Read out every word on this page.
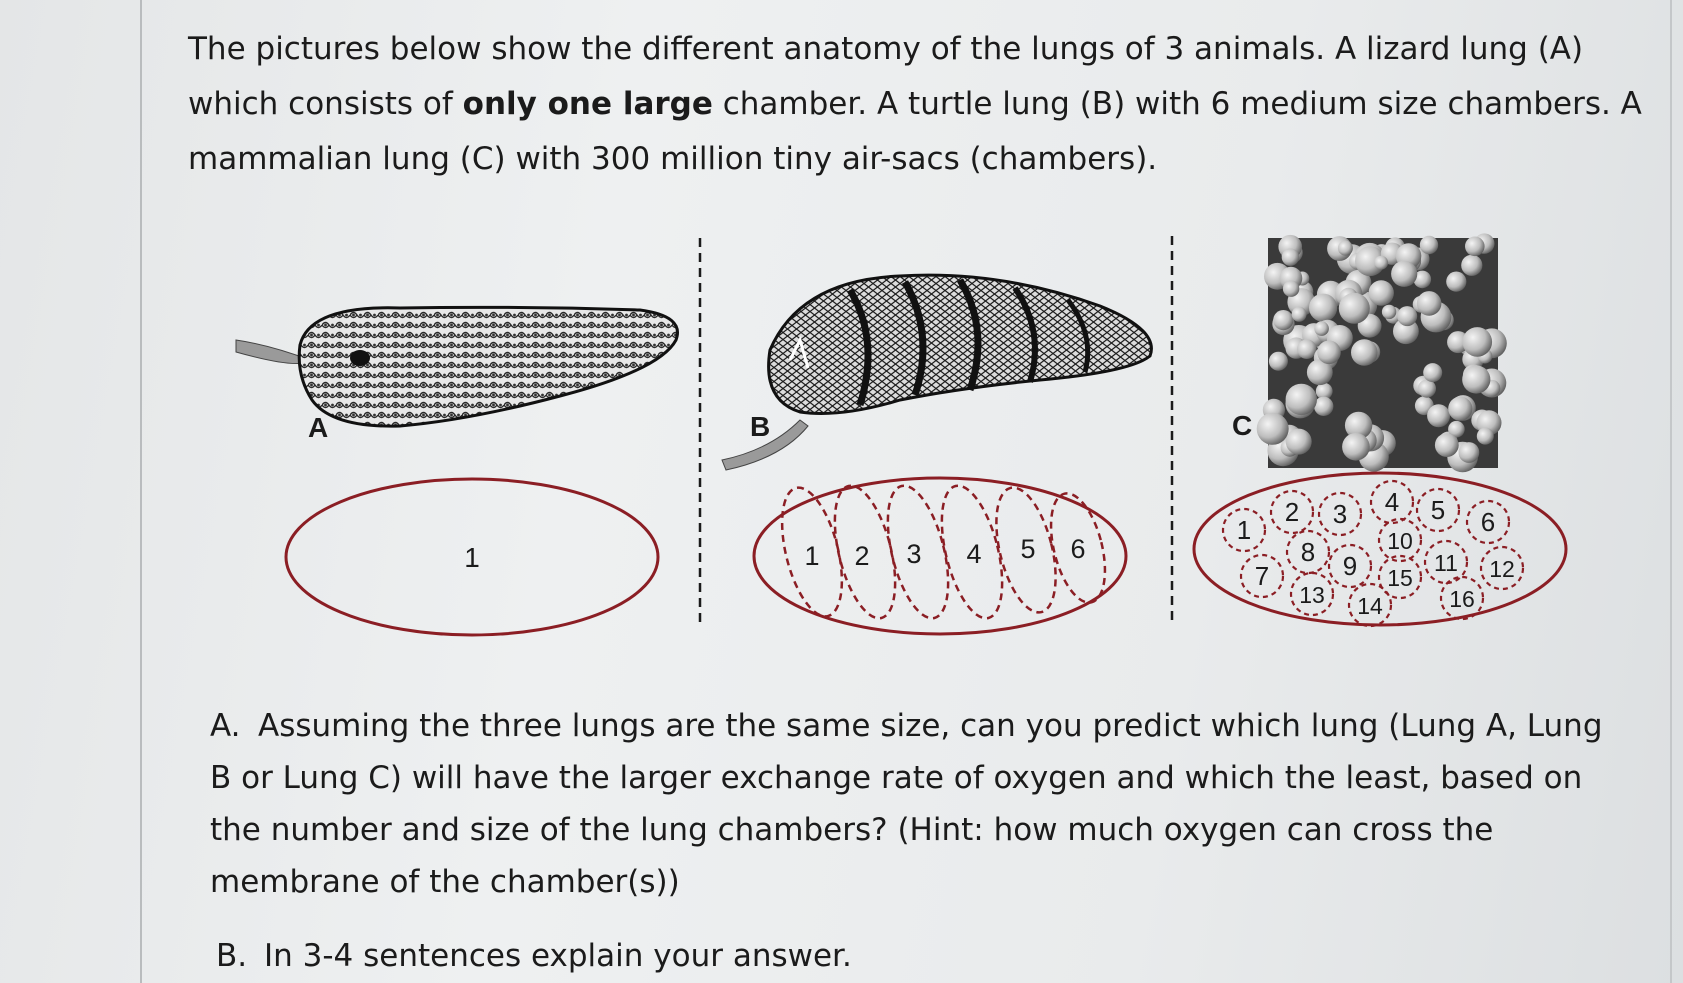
The pictures below show the different anatomy of the lungs of 3 animals. A lizard lung (A) which consists of only one large chamber. A turtle lung (B) with 6 medium size chambers. A mammalian lung (C) with 300 million tiny air-sacs (chambers).
A
1
B
1 2 3 4 5 6
C
1
2 3 4 5 6
7
8 9
10
11 12
13 14
15
16
A. Assuming the three lungs are the same size, can you predict which lung (Lung A, Lung B or Lung C) will have the larger exchange rate of oxygen and which the least, based on the number and size of the lung chambers? (Hint: how much oxygen can cross the membrane of the chamber(s))
B. In 3-4 sentences explain your answer.
